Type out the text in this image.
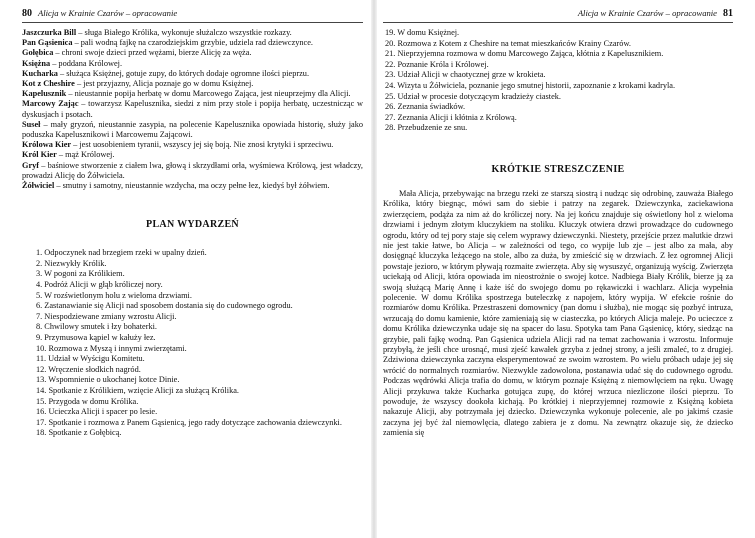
80 Alicja w Krainie Czarów – opracowanie

Jaszczurka Bill – sługa Białego Królika, wykonuje służalczo wszystkie rozkazy.

Pan Gąsienica – pali wodną fajkę na czarodziejskim grzybie, udziela rad dziewczynce.

Gołębica – chroni swoje dzieci przed wężami, bierze Alicję za węża.

Księżna – poddana Królowej.

Kucharka – służąca Księżnej, gotuje zupy, do których dodaje ogromne ilości pieprzu.

Kot z Cheshire – jest przyjazny, Alicja poznaje go w domu Księżnej.

Kapelusznik – nieustannie popija herbatę w domu Marcowego Zająca, jest nieuprzejmy dla Alicji.

Marcowy Zając – towarzysz Kapelusznika, siedzi z nim przy stole i popija herbatę, uczestnicząc w dyskusjach i psotach.

Suseł – mały gryzoń, nieustannie zasypia, na polecenie Kapelusznika opowiada historię, służy jako poduszka Kapelusznikowi i Marcowemu Zającowi.

Królowa Kier – jest uosobieniem tyranii, wszyscy jej się boją. Nie znosi krytyki i sprzeciwu.

Król Kier – mąż Królowej.

Gryf – baśniowe stworzenie z ciałem lwa, głową i skrzydłami orła, wyśmiewa Królową, jest władczy, prowadzi Alicję do Żółwiciela.

Żółwiciel – smutny i samotny, nieustannie wzdycha, ma oczy pełne łez, kiedyś był żółwiem.

PLAN WYDARZEŃ

1. Odpoczynek nad brzegiem rzeki w upalny dzień.
2. Niezwykły Królik.
3. W pogoni za Królikiem.
4. Podróż Alicji w głąb króliczej nory.
5. W rozświetlonym holu z wieloma drzwiami.
6. Zastanawianie się Alicji nad sposobem dostania się do cudownego ogrodu.
7. Niespodziewane zmiany wzrostu Alicji.
8. Chwilowy smutek i łzy bohaterki.
9. Przymusowa kąpiel w kałuży łez.
10. Rozmowa z Myszą i innymi zwierzętami.
11. Udział w Wyścigu Komitetu.
12. Wręczenie słodkich nagród.
13. Wspomnienie o ukochanej kotce Dinie.
14. Spotkanie z Królikiem, wzięcie Alicji za służącą Królika.
15. Przygoda w domu Królika.
16. Ucieczka Alicji i spacer po lesie.
17. Spotkanie i rozmowa z Panem Gąsienicą, jego rady dotyczące zachowania dziewczynki.
18. Spotkanie z Gołębicą.
Alicja w Krainie Czarów – opracowanie 81
19. W domu Księżnej.
20. Rozmowa z Kotem z Cheshire na temat mieszkańców Krainy Czarów.
21. Nieprzyjemna rozmowa w domu Marcowego Zająca, kłótnia z Kapelusznikiem.
22. Poznanie Króla i Królowej.
23. Udział Alicji w chaotycznej grze w krokieta.
24. Wizyta u Żółwiciela, poznanie jego smutnej historii, zapoznanie z krokami kadryla.
25. Udział w procesie dotyczącym kradzieży ciastek.
26. Zeznania świadków.
27. Zeznania Alicji i kłótnia z Królową.
28. Przebudzenie ze snu.

KRÓTKIE STRESZCZENIE

Mała Alicja, przebywając na brzegu rzeki ze starszą siostrą i nudząc się odrobinę, zauważa Białego Królika, który biegnąc, mówi sam do siebie i patrzy na zegarek. Dziewczynka, zaciekawiona zwierzęciem, podąża za nim aż do króliczej nory. Na jej końcu znajduje się oświetlony hol z wieloma drzwiami i jednym złotym kluczykiem na stoliku. Kluczyk otwiera drzwi prowadzące do cudownego ogrodu, który od tej pory staje się celem wyprawy dziewczynki. Niestety, przejście przez malutkie drzwi nie jest takie łatwe, bo Alicja – w zależności od tego, co wypije lub zje – jest albo za mała, aby dosięgnąć kluczyka leżącego na stole, albo za duża, by zmieścić się w drzwiach. Z łez ogromnej Alicji powstaje jezioro, w którym pływają rozmaite zwierzęta. Aby się wysuszyć, organizują wyścig. Zwierzęta uciekają od Alicji, która opowiada im nieostrożnie o swojej kotce. Nadbiega Biały Królik, bierze ją za swoją służącą Marię Annę i każe iść do swojego domu po rękawiczki i wachlarz. Alicja wypełnia polecenie. W domu Królika spostrzega buteleczkę z napojem, który wypija. W efekcie rośnie do rozmiarów domu Królika. Przestraszeni domownicy (pan domu i służba), nie mogąc się pozbyć intruza, wrzucają do domu kamienie, które zamieniają się w ciasteczka, po których Alicja maleje. Po ucieczce z domu Królika dziewczynka udaje się na spacer do lasu. Spotyka tam Pana Gąsienicę, który, siedząc na grzybie, pali fajkę wodną. Pan Gąsienica udziela Alicji rad na temat zachowania i wzrostu. Informuje przybyłą, że jeśli chce urosnąć, musi zjeść kawałek grzyba z jednej strony, a jeśli zmaleć, to z drugiej. Zdziwiona dziewczynka zaczyna eksperymentować ze swoim wzrostem. Po wielu próbach udaje jej się wrócić do normalnych rozmiarów. Niezwykle zadowolona, postanawia udać się do cudownego ogrodu. Podczas wędrówki Alicja trafia do domu, w którym poznaje Księżną z niemowlęciem na ręku. Uwagę Alicji przykuwa także Kucharka gotująca zupę, do której wrzuca niezliczone ilości pieprzu. To powoduje, że wszyscy dookoła kichają. Po krótkiej i nieprzyjemnej rozmowie z Księżną kobieta nakazuje Alicji, aby potrzymała jej dziecko. Dziewczynka wykonuje polecenie, ale po jakimś czasie zaczyna jej być żal niemowlęcia, dlatego zabiera je z domu. Na zewnątrz okazuje się, że dziecko zamienia się
